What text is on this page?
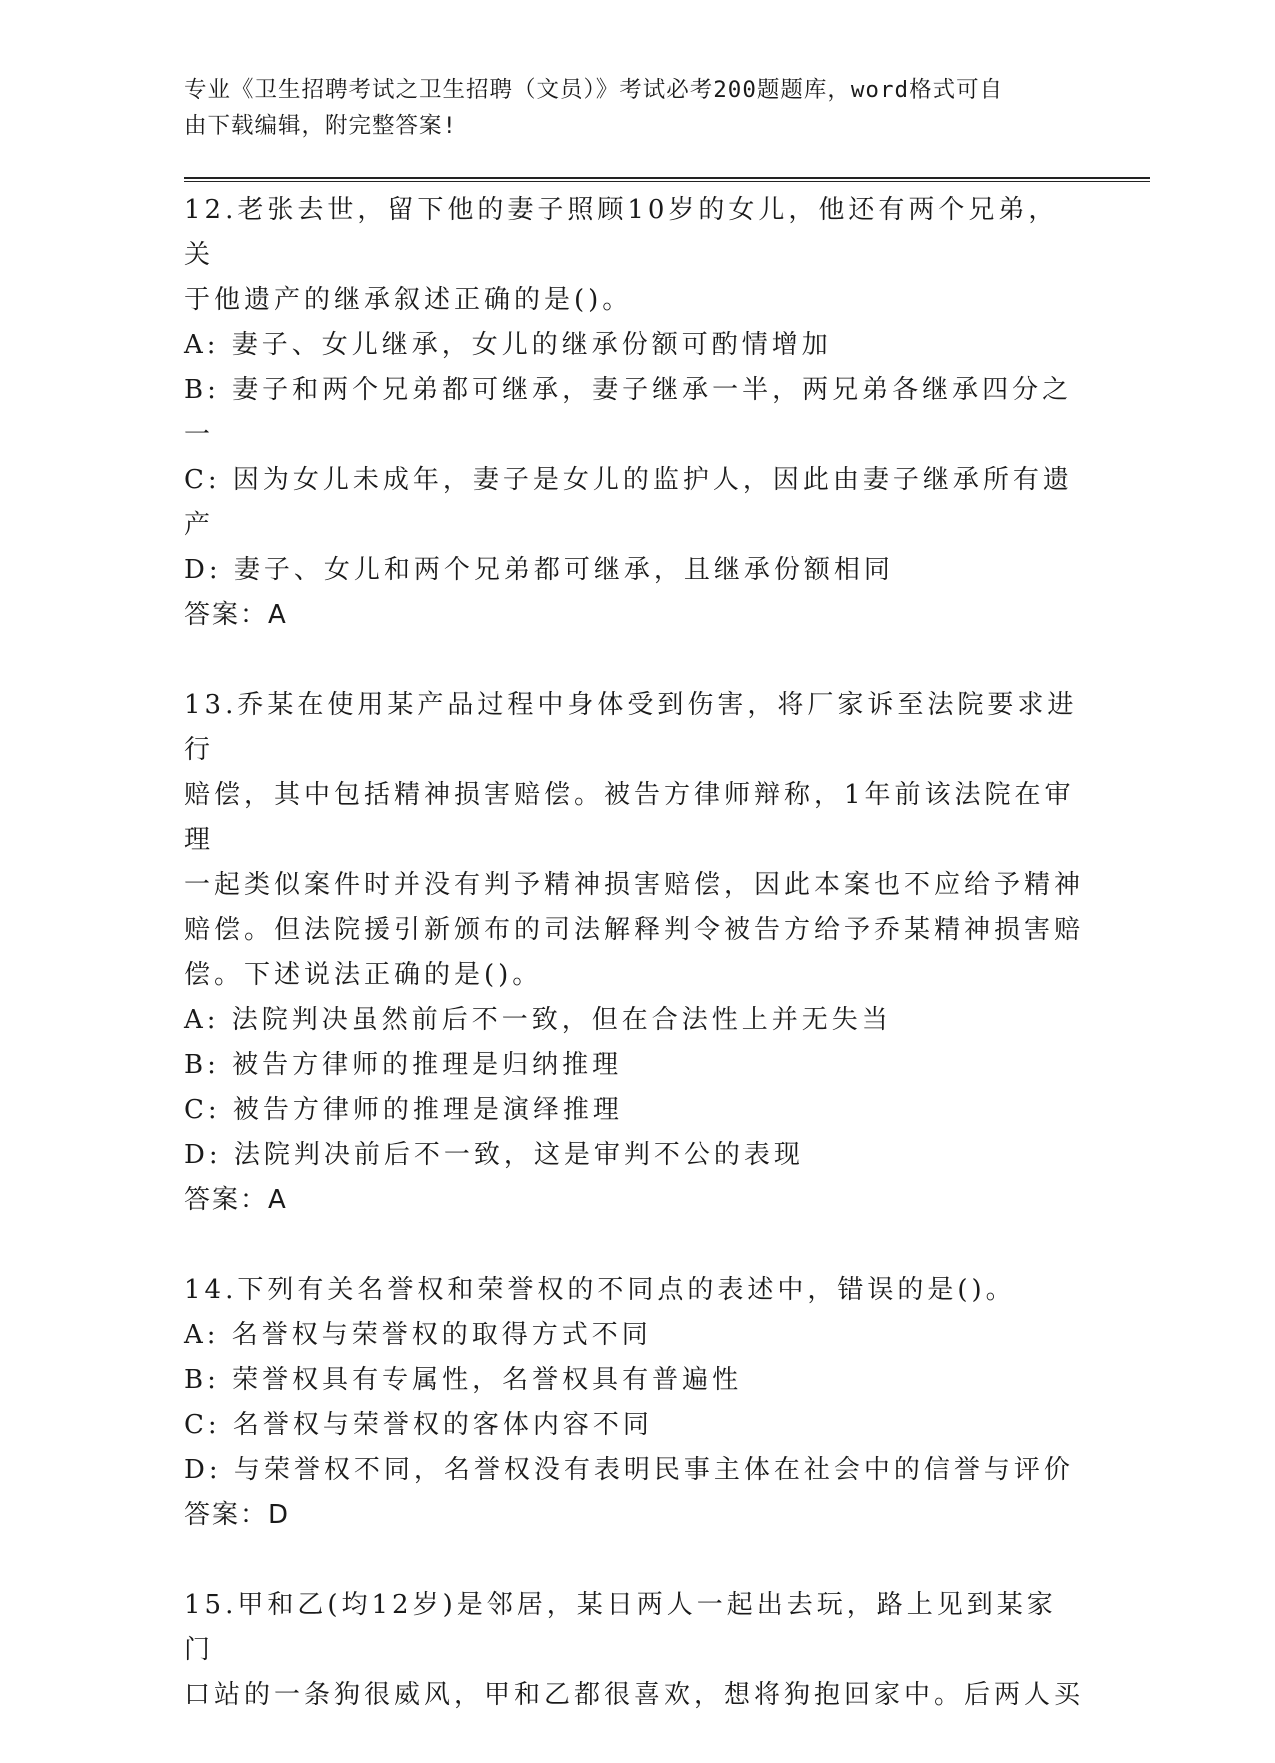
专业《卫生招聘考试之卫生招聘（文员）》考试必考200题题库，word格式可自
由下载编辑，附完整答案!

12.老张去世，留下他的妻子照顾10岁的女儿，他还有两个兄弟，关

于他遗产的继承叙述正确的是()。

A: 妻子、女儿继承，女儿的继承份额可酌情增加

B: 妻子和两个兄弟都可继承，妻子继承一半，两兄弟各继承四分之一

C: 因为女儿未成年，妻子是女儿的监护人，因此由妻子继承所有遗产

D: 妻子、女儿和两个兄弟都可继承，且继承份额相同

答案：A

13.乔某在使用某产品过程中身体受到伤害，将厂家诉至法院要求进行

赔偿，其中包括精神损害赔偿。被告方律师辩称，1年前该法院在审理

一起类似案件时并没有判予精神损害赔偿，因此本案也不应给予精神

赔偿。但法院援引新颁布的司法解释判令被告方给予乔某精神损害赔

偿。下述说法正确的是()。

A: 法院判决虽然前后不一致，但在合法性上并无失当

B: 被告方律师的推理是归纳推理

C: 被告方律师的推理是演绎推理

D: 法院判决前后不一致，这是审判不公的表现

答案：A

14.下列有关名誉权和荣誉权的不同点的表述中，错误的是()。

A: 名誉权与荣誉权的取得方式不同

B: 荣誉权具有专属性，名誉权具有普遍性

C: 名誉权与荣誉权的客体内容不同

D: 与荣誉权不同，名誉权没有表明民事主体在社会中的信誉与评价

答案：D

15.甲和乙(均12岁)是邻居，某日两人一起出去玩，路上见到某家门

口站的一条狗很威风，甲和乙都很喜欢，想将狗抱回家中。后两人买
